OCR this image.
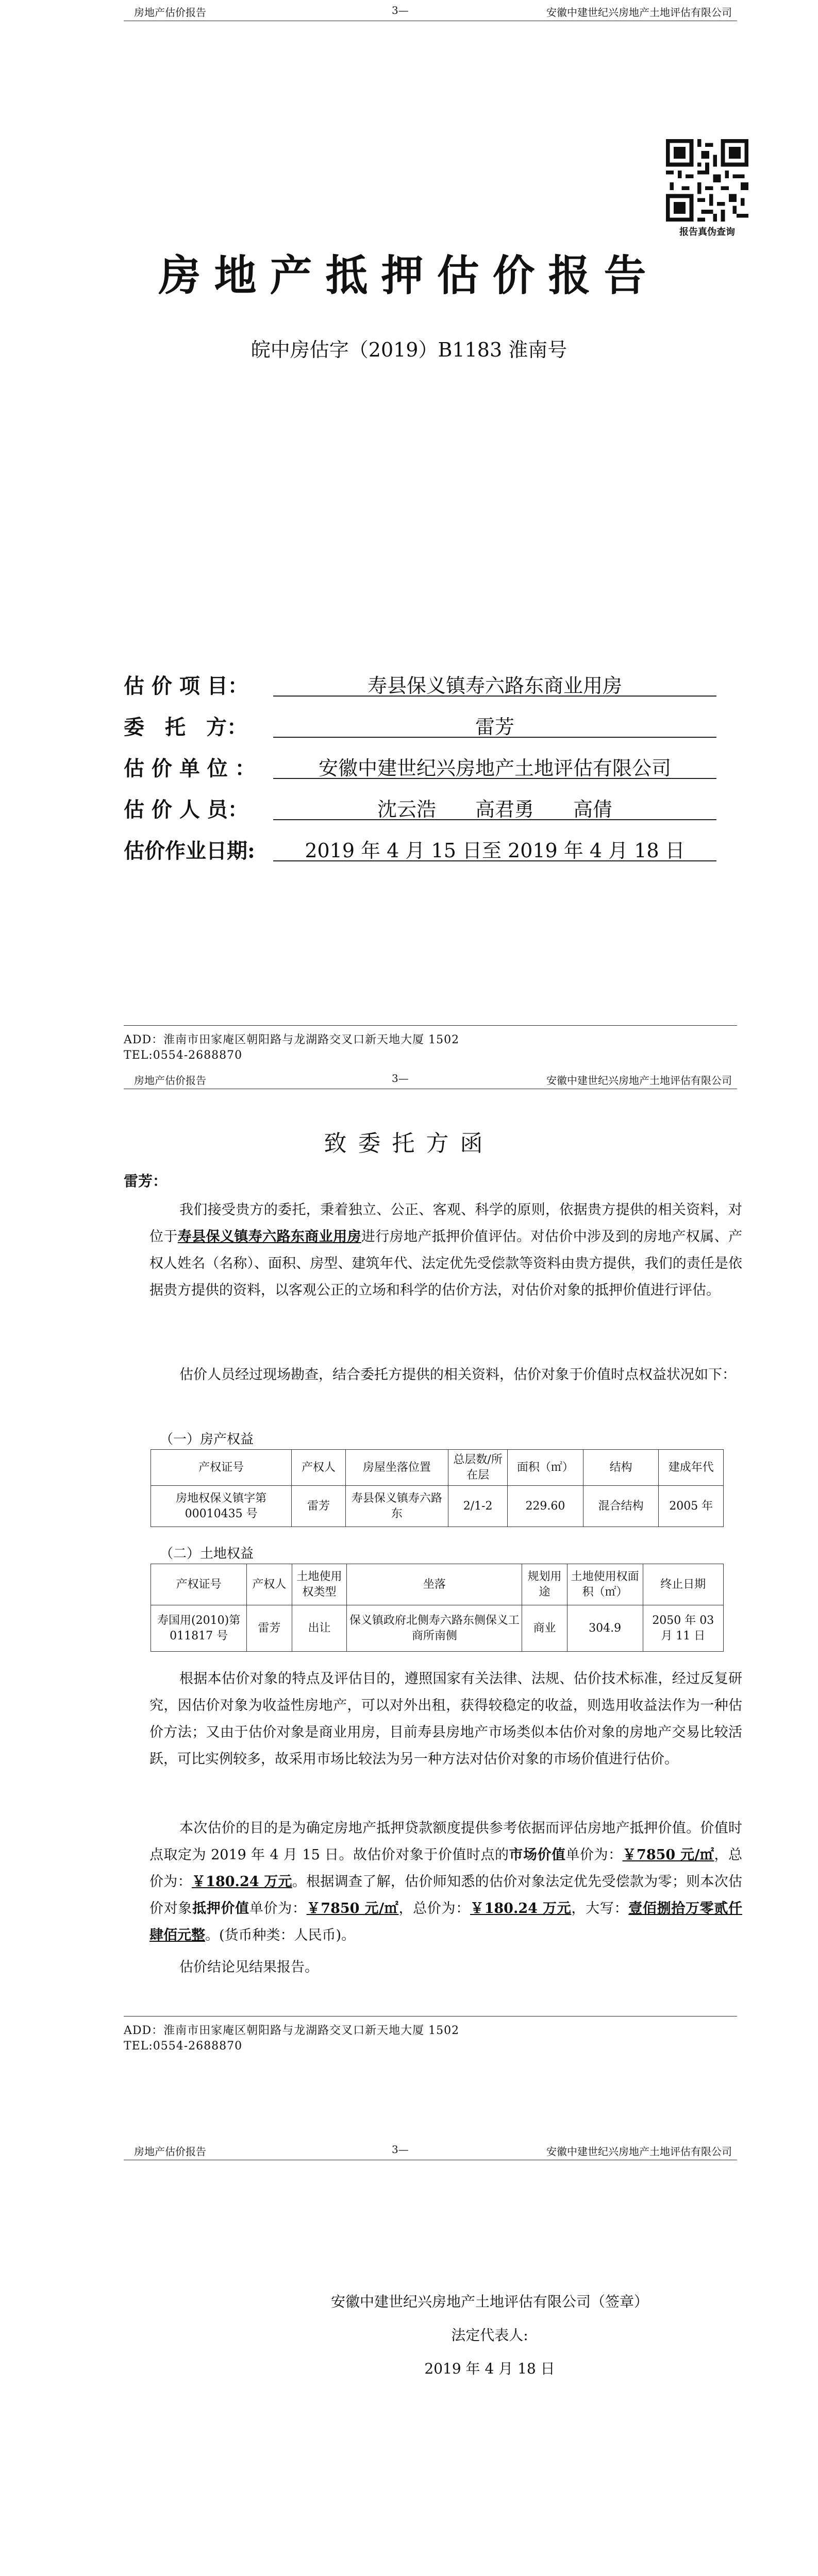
房地产估价报告	3—	安徽中建世纪兴房地产土地评估有限公司
报告真伪查询
房地产抵押估价报告
皖中房估字（2019）B1183 淮南号
估 价 项 目：	寿县保义镇寿六路东商业用房
委　托　方：	雷芳
估 价 单 位 ：	安徽中建世纪兴房地产土地评估有限公司
估 价 人 员：	沈云浩　　高君勇　　高倩
估价作业日期:	2019 年 4 月 15 日至 2019 年 4 月 18 日
ADD：淮南市田家庵区朝阳路与龙湖路交叉口新天地大厦 1502
TEL:0554-2688870
房地产估价报告	3—	安徽中建世纪兴房地产土地评估有限公司
致委托方函
雷芳：
我们接受贵方的委托，秉着独立、公正、客观、科学的原则，依据贵方提供的相关资料，对位于寿县保义镇寿六路东商业用房进行房地产抵押价值评估。对估价中涉及到的房地产权属、产权人姓名（名称）、面积、房型、建筑年代、法定优先受偿款等资料由贵方提供，我们的责任是依据贵方提供的资料，以客观公正的立场和科学的估价方法，对估价对象的抵押价值进行评估。
估价人员经过现场勘查，结合委托方提供的相关资料，估价对象于价值时点权益状况如下：
（一）房产权益
产权证号	产权人	房屋坐落位置	总层数/所在层	面积（㎡）	结构	建成年代
房地权保义镇字第00010435 号	雷芳	寿县保义镇寿六路东	2/1-2	229.60	混合结构	2005 年
（二）土地权益
产权证号	产权人	土地使用权类型	坐落	规划用途	土地使用权面积（㎡）	终止日期
寿国用(2010)第011817 号	雷芳	出让	保义镇政府北侧寿六路东侧保义工商所南侧	商业	304.9	2050 年 03 月 11 日
根据本估价对象的特点及评估目的，遵照国家有关法律、法规、估价技术标准，经过反复研究，因估价对象为收益性房地产，可以对外出租，获得较稳定的收益，则选用收益法作为一种估价方法；又由于估价对象是商业用房，目前寿县房地产市场类似本估价对象的房地产交易比较活跃，可比实例较多，故采用市场比较法为另一种方法对估价对象的市场价值进行估价。
本次估价的目的是为确定房地产抵押贷款额度提供参考依据而评估房地产抵押价值。价值时点取定为 2019 年 4 月 15 日。故估价对象于价值时点的市场价值单价为：￥7850 元/㎡，总价为：￥180.24 万元。根据调查了解，估价师知悉的估价对象法定优先受偿款为零；则本次估价对象抵押价值单价为：￥7850 元/㎡，总价为：￥180.24 万元，大写：壹佰捌拾万零贰仟肆佰元整。(货币种类：人民币)。
估价结论见结果报告。
ADD：淮南市田家庵区朝阳路与龙湖路交叉口新天地大厦 1502
TEL:0554-2688870
房地产估价报告	3—	安徽中建世纪兴房地产土地评估有限公司
安徽中建世纪兴房地产土地评估有限公司（签章）
法定代表人:
2019 年 4 月 18 日
